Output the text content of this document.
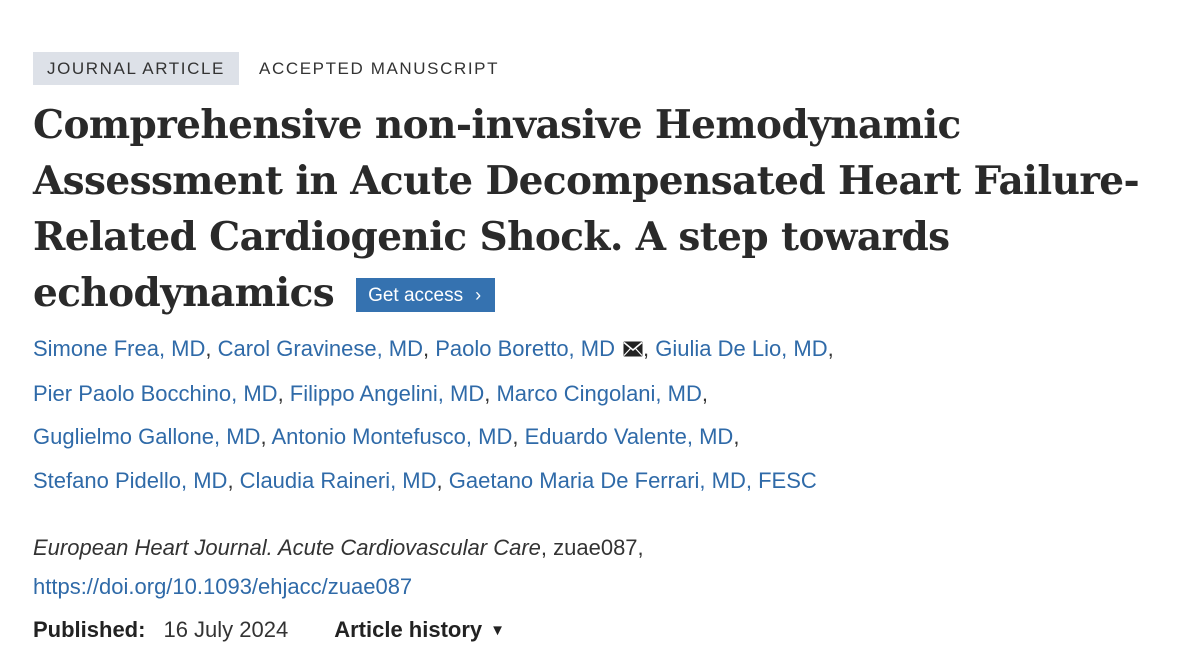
JOURNAL ARTICLE	ACCEPTED MANUSCRIPT
Comprehensive non-invasive Hemodynamic
Assessment in Acute Decompensated Heart Failure-
Related Cardiogenic Shock. A step towards
echodynamics Get access ›
Simone Frea, MD, Carol Gravinese, MD, Paolo Boretto, MD , Giulia De Lio, MD,
Pier Paolo Bocchino, MD, Filippo Angelini, MD, Marco Cingolani, MD,
Guglielmo Gallone, MD, Antonio Montefusco, MD, Eduardo Valente, MD,
Stefano Pidello, MD, Claudia Raineri, MD, Gaetano Maria De Ferrari, MD, FESC
European Heart Journal. Acute Cardiovascular Care, zuae087,
https://doi.org/10.1093/ehjacc/zuae087
Published: 16 July 2024 Article history ▼
